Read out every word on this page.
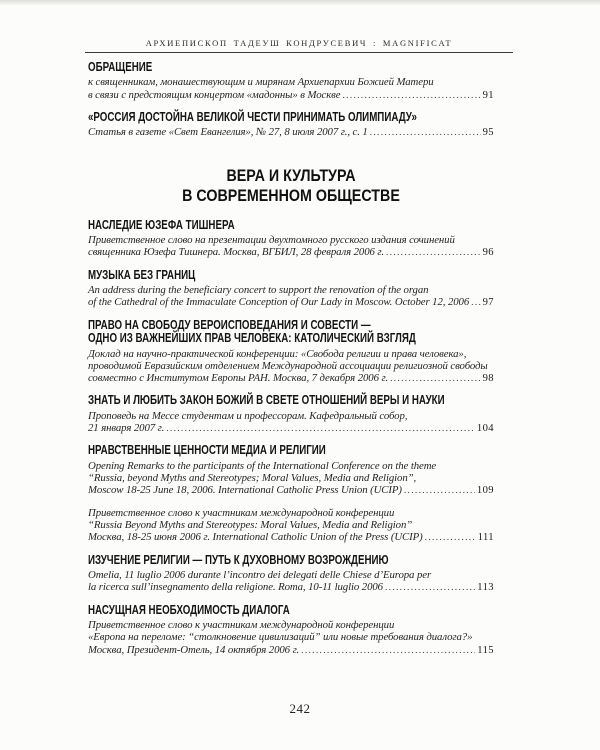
АРХИЕПИСКОП ТАДЕУШ КОНДРУСЕВИЧ : MAGNIFICAT
ОБРАЩЕНИЕ
к священникам, монашествующим и мирянам Архиепархии Божией Матери
в связи с предстоящим концертом «мадонны» в Москве .....	91
«РОССИЯ ДОСТОЙНА ВЕЛИКОЙ ЧЕСТИ ПРИНИМАТЬ ОЛИМПИАДУ»
Статья в газете «Свет Евангелия», № 27, 8 июля 2007 г., с. 1 .....	95
ВЕРА И КУЛЬТУРА
В СОВРЕМЕННОМ ОБЩЕСТВЕ
НАСЛЕДИЕ ЮЗЕФА ТИШНЕРА
Приветственное слово на презентации двухтомного русского издания сочинений
священника Юзефа Тишнера. Москва, ВГБИЛ, 28 февраля 2006 г. .....	96
МУЗЫКА БЕЗ ГРАНИЦ
An address during the beneficiary concert to support the renovation of the organ
of the Cathedral of the Immaculate Conception of Our Lady in Moscow. October 12, 2006 ..... 97
ПРАВО НА СВОБОДУ ВЕРОИСПОВЕДАНИЯ И СОВЕСТИ —
ОДНО ИЗ ВАЖНЕЙШИХ ПРАВ ЧЕЛОВЕКА: КАТОЛИЧЕСКИЙ ВЗГЛЯД
Доклад на научно-практической конференции: «Свобода религии и права человека»,
проводимой Евразийским отделением Международной ассоциации религиозной свободы
совместно с Институтом Европы РАН. Москва, 7 декабря 2006 г. .....	98
ЗНАТЬ И ЛЮБИТЬ ЗАКОН БОЖИЙ В СВЕТЕ ОТНОШЕНИЙ ВЕРЫ И НАУКИ
Проповедь на Мессе студентам и профессорам. Кафедральный собор,
21 января 2007 г. .....	104
НРАВСТВЕННЫЕ ЦЕННОСТИ МЕДИА И РЕЛИГИИ
Opening Remarks to the participants of the International Conference on the theme
“Russia, beyond Myths and Stereotypes; Moral Values, Media and Religion”,
Moscow 18-25 June 18, 2006. International Catholic Press Union (UCIP) .....	109
Приветственное слово к участникам международной конференции
“Russia Beyond Myths and Stereotypes: Moral Values, Media and Religion”
Москва, 18-25 июня 2006 г. International Catholic Union of the Press (UCIP) .....	111
ИЗУЧЕНИЕ РЕЛИГИИ — ПУТЬ К ДУХОВНОМУ ВОЗРОЖДЕНИЮ
Omelia, 11 luglio 2006 durante l’incontro dei delegati delle Chiese d’Europa per
la ricerca sull’insegnamento della religione. Roma, 10-11 luglio 2006 .....	113
НАСУЩНАЯ НЕОБХОДИМОСТЬ ДИАЛОГА
Приветственное слово к участникам международной конференции
«Европа на переломе: “столкновение цивилизаций” или новые требования диалога?»
Москва, Президент-Отель, 14 октября 2006 г. .....	115
242
